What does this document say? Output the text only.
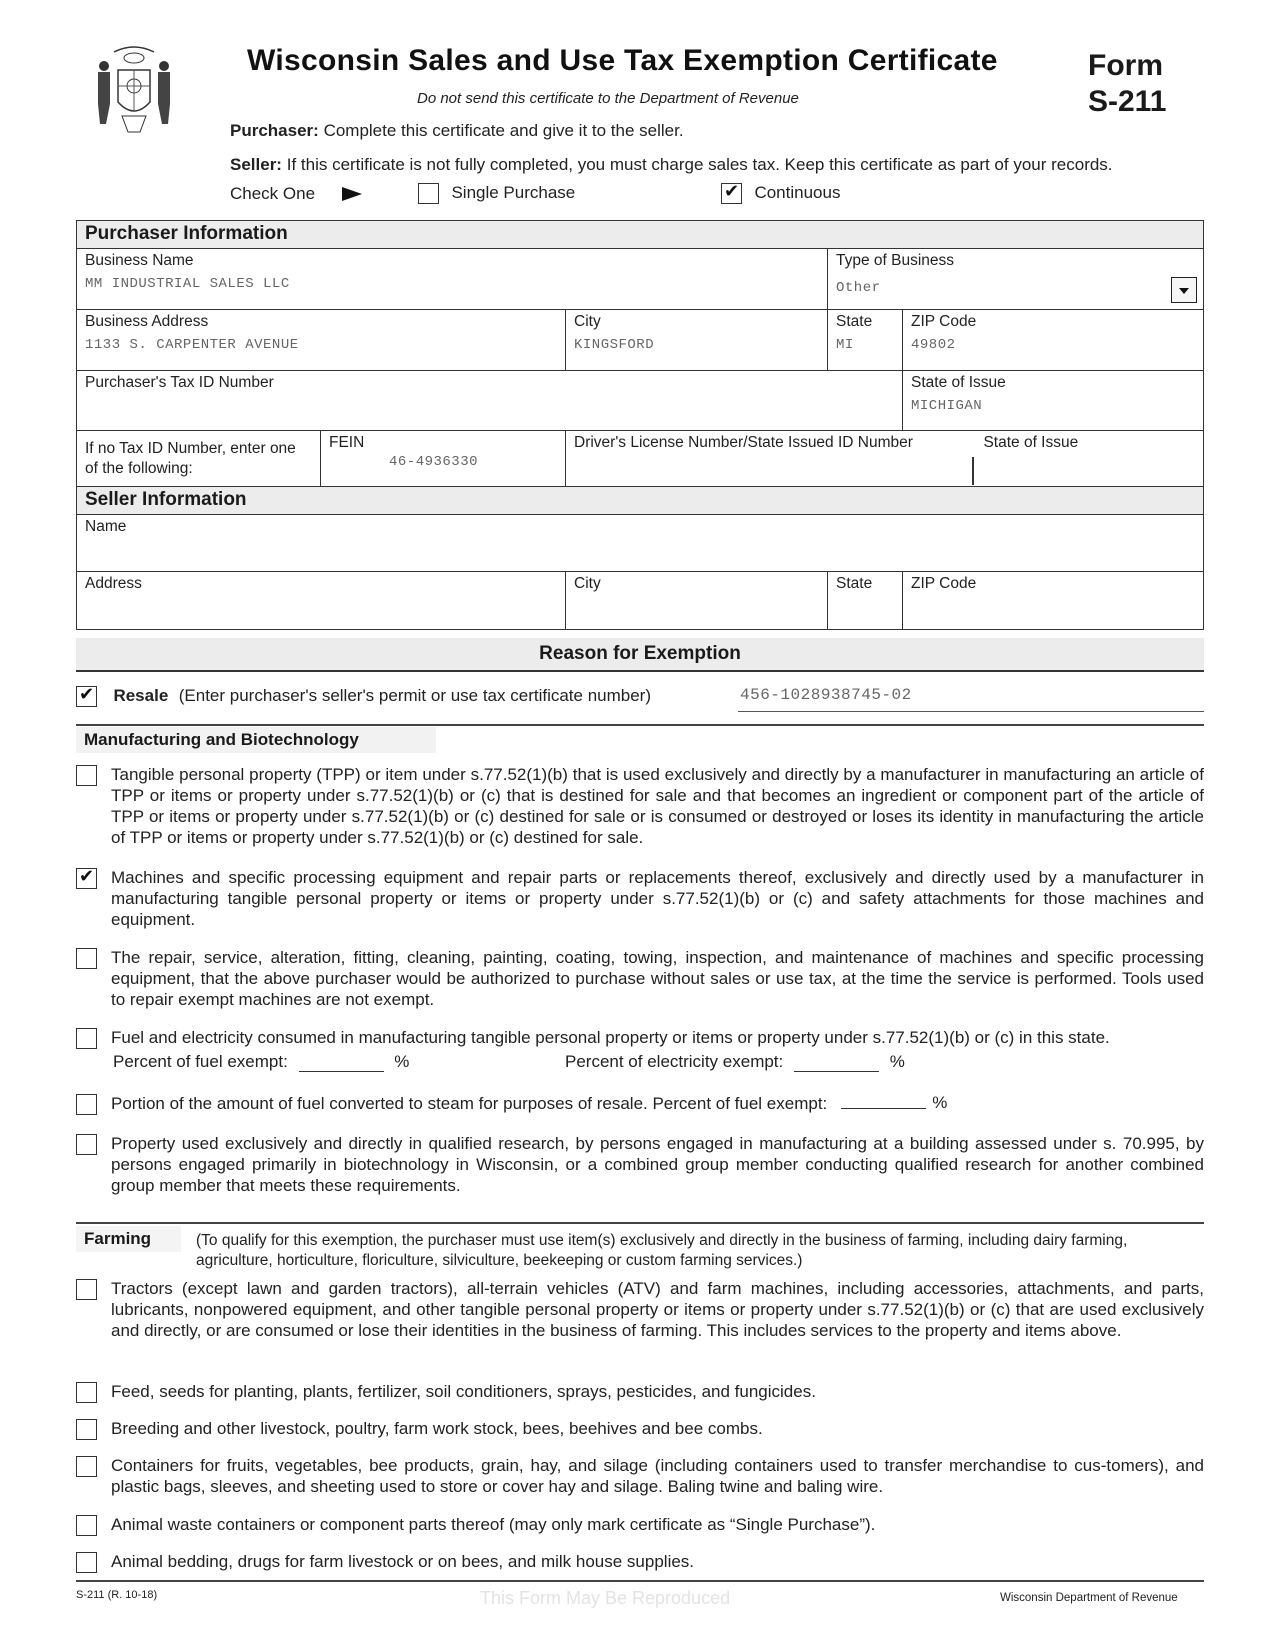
Wisconsin Sales and Use Tax Exemption Certificate
Do not send this certificate to the Department of Revenue
Form
S-211
Purchaser: Complete this certificate and give it to the seller.
Seller: If this certificate is not fully completed, you must charge sales tax. Keep this certificate as part of your records.
Check One	Single Purchase ✔	Continuous
Purchaser Information
Business Name
MM INDUSTRIAL SALES LLC
Type of Business
Other
Business Address
1133 S. CARPENTER AVENUE
City
KINGSFORD
State
MI
ZIP Code
49802
Purchaser's Tax ID Number	State of Issue
MICHIGAN
If no Tax ID Number, enter one of the following:
FEIN
46-4936330
Driver's License Number/State Issued ID Number	State of Issue
Seller Information
Name
Address	City	State	ZIP Code
Reason for Exemption
✔ Resale (Enter purchaser's seller's permit or use tax certificate number)	456-1028938745-02
Manufacturing and Biotechnology
Tangible personal property (TPP) or item under s.77.52(1)(b) that is used exclusively and directly by a manufacturer in manufacturing an article of TPP or items or property under s.77.52(1)(b) or (c) that is destined for sale and that becomes an ingredient or component part of the article of TPP or items or property under s.77.52(1)(b) or (c) destined for sale or is consumed or destroyed or loses its identity in manufacturing the article of TPP or items or property under s.77.52(1)(b) or (c) destined for sale.
✔
Machines and specific processing equipment and repair parts or replacements thereof, exclusively and directly used by a manufacturer in manufacturing tangible personal property or items or property under s.77.52(1)(b) or (c) and safety attachments for those machines and equipment.
The repair, service, alteration, fitting, cleaning, painting, coating, towing, inspection, and maintenance of machines and specific processing equipment, that the above purchaser would be authorized to purchase without sales or use tax, at the time the service is performed. Tools used to repair exempt machines are not exempt.
Fuel and electricity consumed in manufacturing tangible personal property or items or property under s.77.52(1)(b) or (c) in this state.
Percent of fuel exempt:	%	Percent of electricity exempt:	%
Portion of the amount of fuel converted to steam for purposes of resale. Percent of fuel exempt:	%
Property used exclusively and directly in qualified research, by persons engaged in manufacturing at a building assessed under s. 70.995, by persons engaged primarily in biotechnology in Wisconsin, or a combined group member conducting qualified research for another combined group member that meets these requirements.
Farming	(To qualify for this exemption, the purchaser must use item(s) exclusively and directly in the business of farming, including dairy farming, agriculture, horticulture, floriculture, silviculture, beekeeping or custom farming services.)
Tractors (except lawn and garden tractors), all-terrain vehicles (ATV) and farm machines, including accessories, attachments, and parts, lubricants, nonpowered equipment, and other tangible personal property or items or property under s.77.52(1)(b) or (c) that are used exclusively and directly, or are consumed or lose their identities in the business of farming. This includes services to the property and items above.
Feed, seeds for planting, plants, fertilizer, soil conditioners, sprays, pesticides, and fungicides.
Breeding and other livestock, poultry, farm work stock, bees, beehives and bee combs.
Containers for fruits, vegetables, bee products, grain, hay, and silage (including containers used to transfer merchandise to cus-tomers), and plastic bags, sleeves, and sheeting used to store or cover hay and silage. Baling twine and baling wire.
Animal waste containers or component parts thereof (may only mark certificate as “Single Purchase”).
Animal bedding, drugs for farm livestock or on bees, and milk house supplies.
S-211 (R. 10-18)	This Form May Be Reproduced	Wisconsin Department of Revenue
